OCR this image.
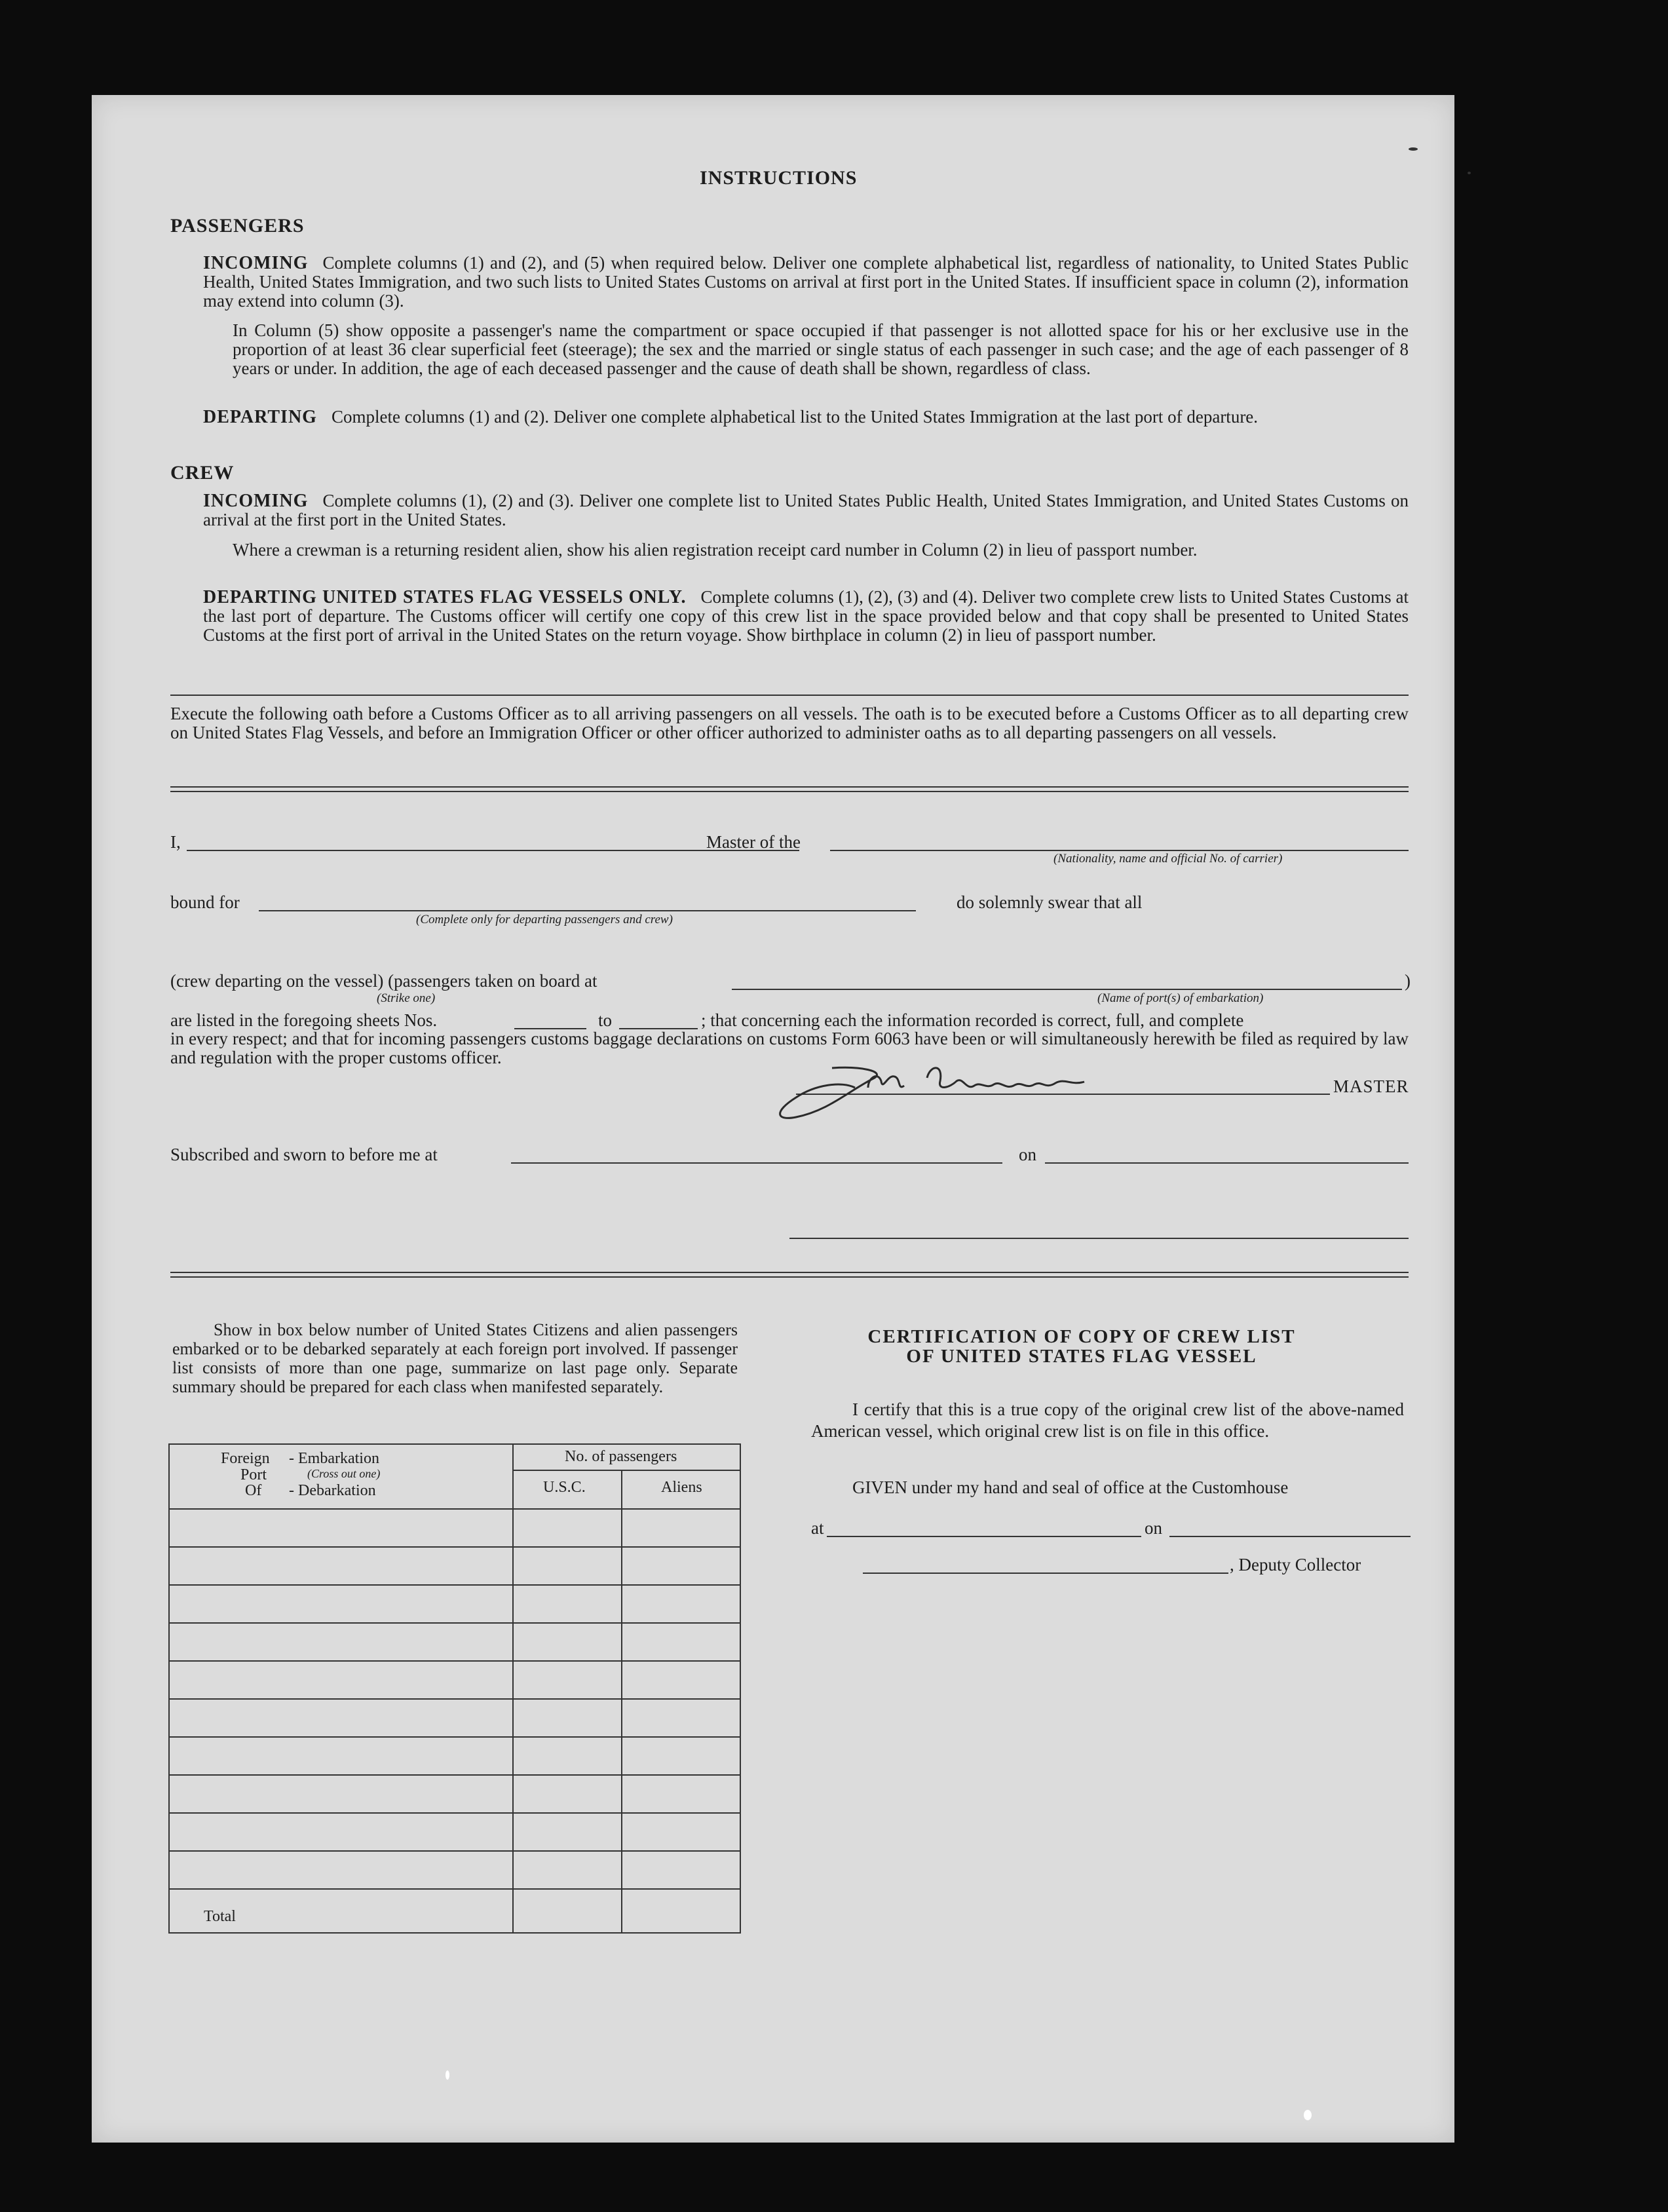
INSTRUCTIONS
PASSENGERS
INCOMING Complete columns (1) and (2), and (5) when required below. Deliver one complete alphabetical list, regardless of nationality, to United States Public Health, United States Immigration, and two such lists to United States Customs on arrival at first port in the United States. If insufficient space in column (2), information may extend into column (3).
In Column (5) show opposite a passenger's name the compartment or space occupied if that passenger is not allotted space for his or her exclusive use in the proportion of at least 36 clear superficial feet (steerage); the sex and the married or single status of each passenger in such case; and the age of each passenger of 8 years or under. In addition, the age of each deceased passenger and the cause of death shall be shown, regardless of class.
DEPARTING Complete columns (1) and (2). Deliver one complete alphabetical list to the United States Immigration at the last port of departure.
CREW
INCOMING Complete columns (1), (2) and (3). Deliver one complete list to United States Public Health, United States Immigration, and United States Customs on arrival at the first port in the United States.
Where a crewman is a returning resident alien, show his alien registration receipt card number in Column (2) in lieu of passport number.
DEPARTING UNITED STATES FLAG VESSELS ONLY. Complete columns (1), (2), (3) and (4). Deliver two complete crew lists to United States Customs at the last port of departure. The Customs officer will certify one copy of this crew list in the space provided below and that copy shall be presented to United States Customs at the first port of arrival in the United States on the return voyage. Show birthplace in column (2) in lieu of passport number.
Execute the following oath before a Customs Officer as to all arriving passengers on all vessels. The oath is to be executed before a Customs Officer as to all departing crew on United States Flag Vessels, and before an Immigration Officer or other officer authorized to administer oaths as to all departing passengers on all vessels.
I,	Master of the
(Nationality, name and official No. of carrier)
bound for
(Complete only for departing passengers and crew)
do solemnly swear that all
(crew departing on the vessel) (passengers taken on board at	)
(Strike one)	(Name of port(s) of embarkation)
are listed in the foregoing sheets Nos.	to	; that concerning each the information recorded is correct, full, and complete
in every respect; and that for incoming passengers customs baggage declarations on customs Form 6063 have been or will simultaneously herewith be filed as required by law and regulation with the proper customs officer.
MASTER
Subscribed and sworn to before me at	on
Show in box below number of United States Citizens and alien passengers embarked or to be debarked separately at each foreign port involved. If passenger list consists of more than one page, summarize on last page only. Separate summary should be prepared for each class when manifested separately.
CERTIFICATION OF COPY OF CREW LIST
OF UNITED STATES FLAG VESSEL
I certify that this is a true copy of the original crew list of the above-named American vessel, which original crew list is on file in this office.
GIVEN under my hand and seal of office at the Customhouse
at	on
, Deputy Collector
Foreign
Port
Of
- Embarkation
(Cross out one)
- Debarkation
No. of passengers
U.S.C.	Aliens
Total
